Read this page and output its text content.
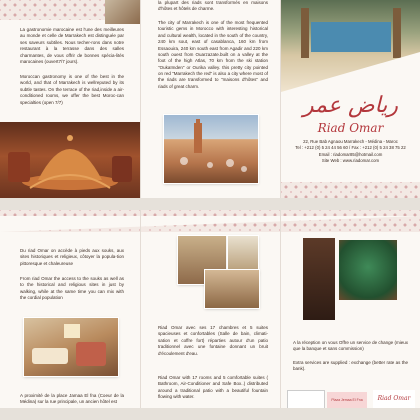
La gastronomie marocaine est l'une des meilleures au monde et celle de Marrakech est distinguée par ses saveurs subtiles. Nous techer-rons dans notre restaurant à la terrasse dans des salles charmantes, de vous offrir de bonnes spécia-lités marocaines (ouvert7/7 jours).

Moroccan gastronomy is one of the best in the world, and that of Marrakech is wellreputed by its subtle tastes. On the terrace of the riad,inside a air-conditioned rooms, we offer the best Moroc-can specialties (open 7/7)

la plupart des riads sont transformés en maisons d'hôtes et hôtels de charme.

The city of Marrakech is one of the most frequented touristic gems in Morocco with interesting historical and cultural wealth, located in the south of the country, 240 km sout, east of casablanca, 160 km from Essaouira, 240 km south east from Agadir and 220 km south ouest from Ouarzazate.built on a valley at the foot of the high Atlas, 70 km from the ski station "Oukaïmden" or Ourika valley. this pretty city pointed on red "Marrakech the red" is also a city where most of the riads are transformed to "maisons d'hôtes" and riads of great charm.

رياض عمر
Riad Omar
22, Rue Bab Agnaou Marrakech - Médina - Maroc
Tel : +212 (0) 5 24 44 56 60 / Fax : +212 (0) 5 24 38 75 22
Email : riadomar85@hotmail.com
Site Web : www.riadomar.com

Du riad Omar on accède à pieds aux souks, aux sites historiques et religieux, côtoyer la popula-tion pittoresque et chaleureuse

From riad Omar the access to the souks as well as to the historical and religious sites in just by walking, while at the same time you can mix with the cordial population

A proximité de la place Jamaa El fna (Coeur de la Médina) sur la rue principale, un ancien hôtel est

Riad Omar avec ses 17 chambres et 5 suites spacieuses et confortables (Salle de bain, climati-sation et coffre fort) réparties autour d'un patio traditionnel avec une fontaine donnant un bruit d'écoulement d'eau.

Riad Omar with 17 rooms and 5 comfortable suites ( Bathroom, Air-Conditioner and Safe Box..) distributed around a traditional patio with a beautiful fountain flowing with water.

A la réception on vous Offre un service de change (mieux que la banque et sans commission)

Extra services are supplied : exchange (better rate as the bank).

Plaza Jemaa El Fna	Riad Omar
